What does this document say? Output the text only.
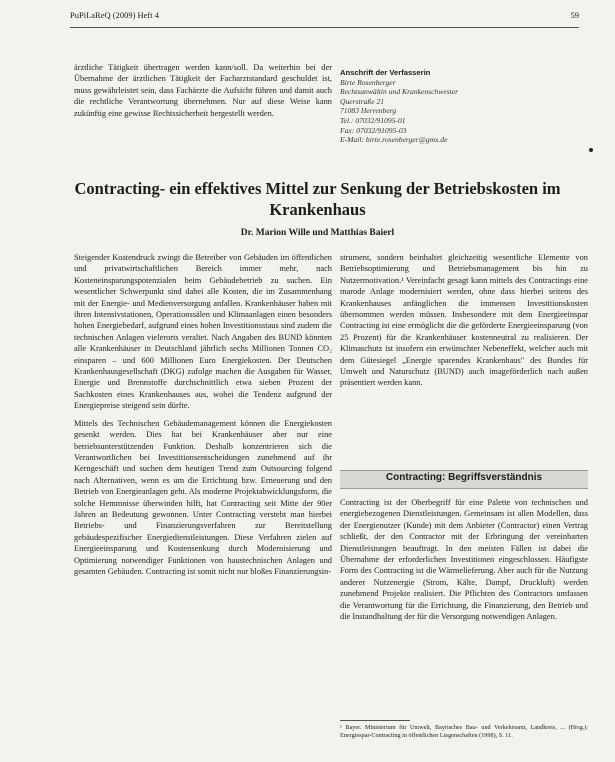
PuPiLaReQ (2009) Heft 4	59

ärztliche Tätigkeit übertragen werden kann/soll. Da weiterhin bei der Übernahme der ärztlichen Tätigkeit der Facharztstandard geschuldet ist, muss gewährleistet sein, dass Fachärzte die Aufsicht führen und damit auch die rechtliche Verantwortung übernehmen. Nur auf diese Weise kann zukünftig eine gewisse Rechtssicherheit hergestellt werden.

Anschrift der Verfasserin
Birte Rosenberger
Rechtsanwältin und Krankenschwester
Querstraße 21
71083 Herrenberg
Tel.: 07032/91095-01
Fax: 07032/91095-03
E-Mail: birte.rosenberger@gmx.de
Contracting- ein effektives Mittel zur Senkung der Betriebskosten im Krankenhaus
Dr. Marion Wille und Matthias Baierl

Steigender Kostendruck zwingt die Betreiber von Gebäuden im öffentlichen und privatwirtschaftlichen Bereich immer mehr, nach Kosteneinsparungspotenzialen beim Gebäudebetrieb zu suchen. Ein wesentlicher Schwerpunkt sind dabei alle Kosten, die im Zusammenhang mit der Energie- und Medienversorgung anfallen. Krankenhäuser haben mit ihren Intensivstationen, Operationssälen und Klimaanlagen einen besonders hohen Energiebedarf, aufgrund eines hohen Investitionsstaus sind zudem die technischen Anlagen vielerorts veraltet. Nach Angaben des BUND könnten alle Krankenhäuser in Deutschland jährlich sechs Millionen Tonnen CO₂ einsparen – und 600 Millionen Euro Energiekosten. Der Deutschen Krankenhausgesellschaft (DKG) zufolge machen die Ausgaben für Wasser, Energie und Brennstoffe durchschnittlich etwa sieben Prozent der Sachkosten eines Krankenhauses aus, wobei die Tendenz aufgrund der Energiepreise steigend sein dürfte.

Mittels des Technischen Gebäudemanagement können die Energiekosten gesenkt werden. Dies hat bei Krankenhäuser aber nur eine betriebsunterstützenden Funktion. Deshalb konzentrieren sich die Verantwortlichen bei Investitionsentscheidungen zunehmend auf ihr Kerngeschäft und suchen dem heutigen Trend zum Outsourcing folgend nach Alternativen, wenn es um die Errichtung bzw. Erneuerung und den Betrieb von Energieanlagen geht. Als moderne Projektabwicklungsform, die solche Hemmnisse überwinden hilft, hat Contracting seit Mitte der 90er Jahren an Bedeutung gewonnen. Unter Contracting versteht man hierbei Betriebs- und Finanzierungsverfahren zur Bereitstellung gebäudespezifischer Energiedienstleistungen. Diese Verfahren zielen auf Energieeinsparung und Kostensenkung durch Modernisierung und Optimierung notwendiger Funktionen von haustechnischen Anlagen und gesamten Gebäuden. Contracting ist somit nicht nur bloßes Finanzierungsin-

strument, sondern beinhaltet gleichzeitig wesentliche Elemente von Betriebsoptimierung und Betriebsmanagement bis hin zu Nutzermotivation.¹ Vereinfacht gesagt kann mittels des Contractings eine marode Anlage modernisiert werden, ohne dass hierbei seitens des Krankenhauses anfänglichen die immensen Investitionskosten übernommen werden müssen. Insbesondere mit dem Energieeinspar Contracting ist eine ermöglicht die die geförderte Energieeinsparung (von 25 Prozent) für die Krankenhäuser kostenneutral zu realisieren. Der Klimaschutz ist insofern ein erwünschter Nebeneffekt, welcher auch mit dem Gütesiegel „Energie sparendes Krankenhaus" des Bundes für Umwelt und Naturschutz (BUND) auch imageförderlich nach außen präsentiert werden kann.

Contracting: Begriffsverständnis

Contracting ist der Oberbegriff für eine Palette von technischen und energiebezogenen Dienstleistungen. Gemeinsam ist allen Modellen, dass der Energienutzer (Kunde) mit dem Anbieter (Contractor) einen Vertrag schließt, der den Contractor mit der Erbringung der vereinbarten Dienstleistungen beauftragt. In den meisten Fällen ist dabei die Übernahme der erforderlichen Investitionen eingeschlossen. Häufigste Form des Contracting ist die Wärmelieferung. Aber auch für die Nutzung anderer Nutzenergie (Strom, Kälte, Dampf, Druckluft) werden zunehmend Projekte realisiert. Die Pflichten des Contractors umfassen die Verantwortung für die Errichtung, die Finanzierung, den Betrieb und die Instandhaltung der für die Versorgung notwendigen Anlagen.

¹ Bayer. Ministerium für Umwelt, Bayrisches Bau- und Verkehrsamt, Landkreis, ... (Hrsg.): Energiespar-Contracting in öffentlichen Liegenschaften (1998), S. 11.
